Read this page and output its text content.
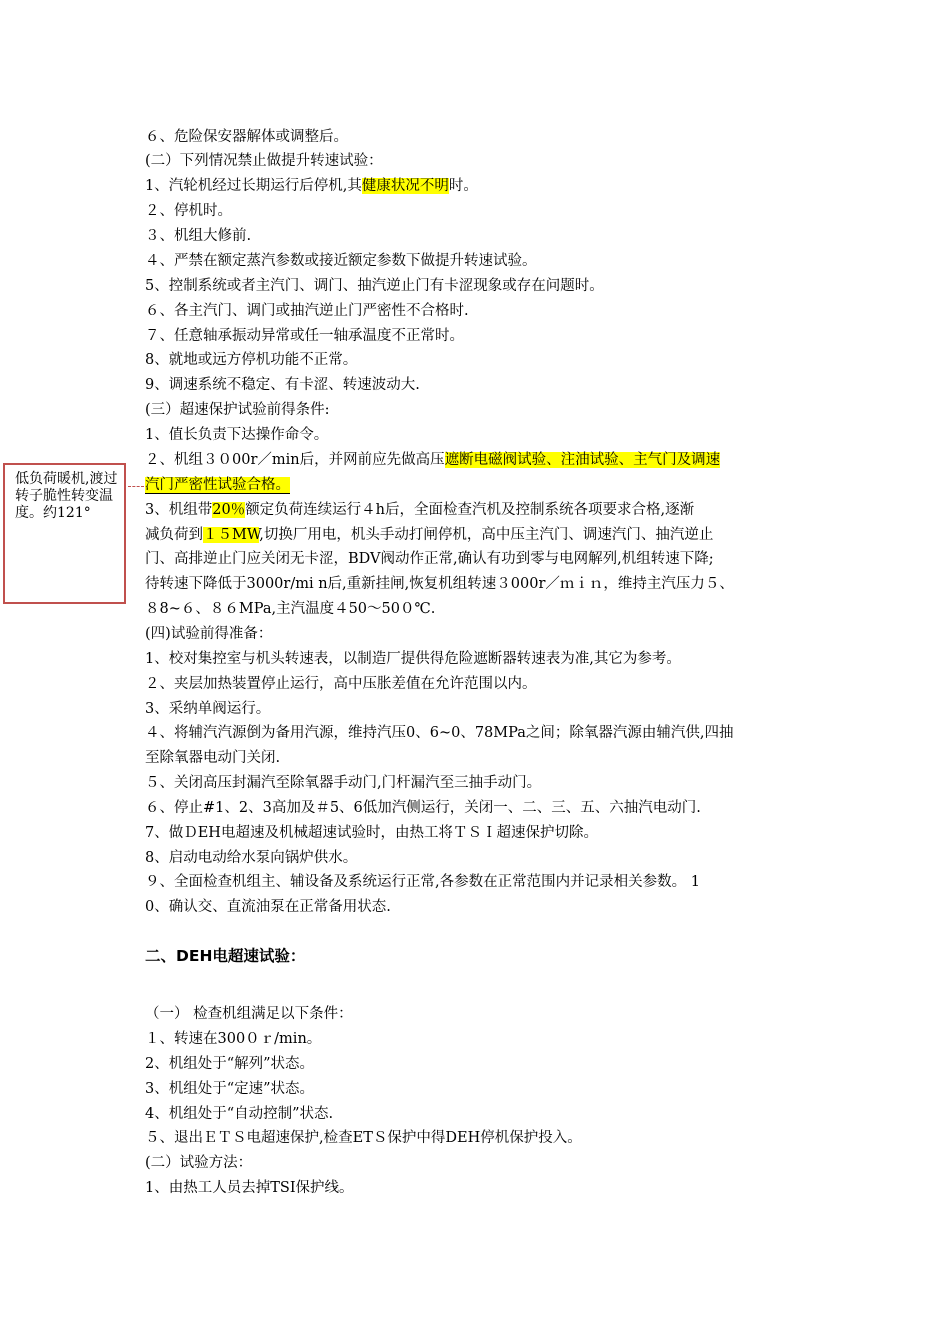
６、危险保安器解体或调整后。
(二）下列情况禁止做提升转速试验：
1、汽轮机经过长期运行后停机,其健康状况不明时。
２、停机时。
３、机组大修前.
４、严禁在额定蒸汽参数或接近额定参数下做提升转速试验。
5、控制系统或者主汽门、调门、抽汽逆止门有卡涩现象或存在问题时。
６、各主汽门、调门或抽汽逆止门严密性不合格时.
７、任意轴承振动异常或任一轴承温度不正常时。
8、就地或远方停机功能不正常。
9、调速系统不稳定、有卡涩、转速波动大.
(三）超速保护试验前得条件:
1、值长负责下达操作命令。
２、机组３０00r／min后，并网前应先做高压遮断电磁阀试验、注油试验、主气门及调速
汽门严密性试验合格。
3、机组带20％额定负荷连续运行４h后，全面检查汽机及控制系统各项要求合格,逐渐
减负荷到１５MW,切换厂用电，机头手动打闸停机，高中压主汽门、调速汽门、抽汽逆止
门、高排逆止门应关闭无卡涩，BDV阀动作正常,确认有功到零与电网解列,机组转速下降;
待转速下降低于3000r/mi n后,重新挂闸,恢复机组转速３000r／ｍｉｎ，维持主汽压力５、
８8~６、８６MPa,主汽温度４50～50０℃.
(四)试验前得准备：
1、校对集控室与机头转速表，以制造厂提供得危险遮断器转速表为准,其它为参考。
２、夹层加热装置停止运行，高中压胀差值在允许范围以内。
3、采纳单阀运行。
４、将辅汽汽源倒为备用汽源，维持汽压0、6~0、78MPa之间；除氧器汽源由辅汽供,四抽
至除氧器电动门关闭.
５、关闭高压封漏汽至除氧器手动门,门杆漏汽至三抽手动门。
６、停止#1、2、3高加及＃5、6低加汽侧运行，关闭一、二、三、五、六抽汽电动门.
7、做ＤEH电超速及机械超速试验时，由热工将ＴＳＩ超速保护切除。
8、启动电动给水泵向锅炉供水。
９、全面检查机组主、辅设备及系统运行正常,各参数在正常范围内并记录相关参数。 1
0、确认交、直流油泵在正常备用状态.
二、DEH电超速试验：
（一） 检查机组满足以下条件：
１、转速在300０ｒ/min。
2、机组处于“解列”状态。
3、机组处于“定速”状态。
4、机组处于“自动控制”状态.
５、退出ＥＴＳ电超速保护,检查ETＳ保护中得DEH停机保护投入。
(二）试验方法：
1、由热工人员去掉TSI保护线。
低负荷暖机,渡过转子脆性转变温度。约121°
